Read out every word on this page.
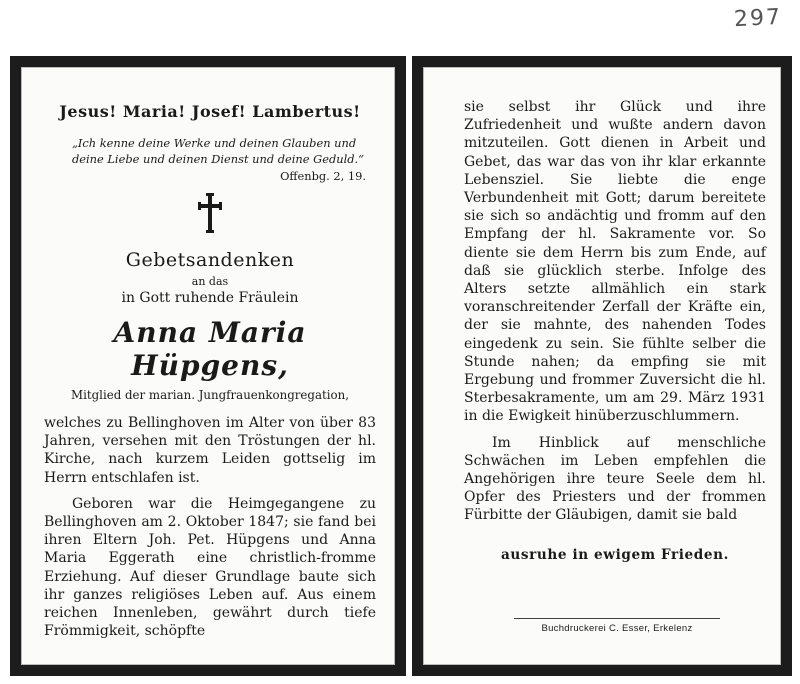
297
Jesus! Maria! Josef! Lambertus!
„Ich kenne deine Werke und deinen Glauben und deine Liebe und deinen Dienst und deine Geduld.“
Offenbg. 2, 19.
Gebetsandenken
an das
in Gott ruhende Fräulein
Anna Maria Hüpgens,
Mitglied der marian. Jungfrauenkongregation,

welches zu Bellinghoven im Alter von über 83 Jahren, versehen mit den Tröstungen der hl. Kirche, nach kurzem Leiden gottselig im Herrn entschlafen ist.

Geboren war die Heimgegangene zu Bellinghoven am 2. Oktober 1847; sie fand bei ihren Eltern Joh. Pet. Hüpgens und Anna Maria Eggerath eine christlich-fromme Erziehung. Auf dieser Grundlage baute sich ihr ganzes religiöses Leben auf. Aus einem reichen Innenleben, gewährt durch tiefe Frömmigkeit, schöpfte

sie selbst ihr Glück und ihre Zufriedenheit und wußte andern davon mitzuteilen. Gott dienen in Arbeit und Gebet, das war das von ihr klar erkannte Lebensziel. Sie liebte die enge Verbundenheit mit Gott; darum bereitete sie sich so andächtig und fromm auf den Empfang der hl. Sakramente vor. So diente sie dem Herrn bis zum Ende, auf daß sie glücklich sterbe. Infolge des Alters setzte allmählich ein stark voranschreitender Zerfall der Kräfte ein, der sie mahnte, des nahenden Todes eingedenk zu sein. Sie fühlte selber die Stunde nahen; da empfing sie mit Ergebung und frommer Zuversicht die hl. Sterbesakramente, um am 29. März 1931 in die Ewigkeit hinüberzuschlummern.

Im Hinblick auf menschliche Schwächen im Leben empfehlen die Angehörigen ihre teure Seele dem hl. Opfer des Priesters und der frommen Fürbitte der Gläubigen, damit sie bald

ausruhe in ewigem Frieden.
Buchdruckerei C. Esser, Erkelenz
